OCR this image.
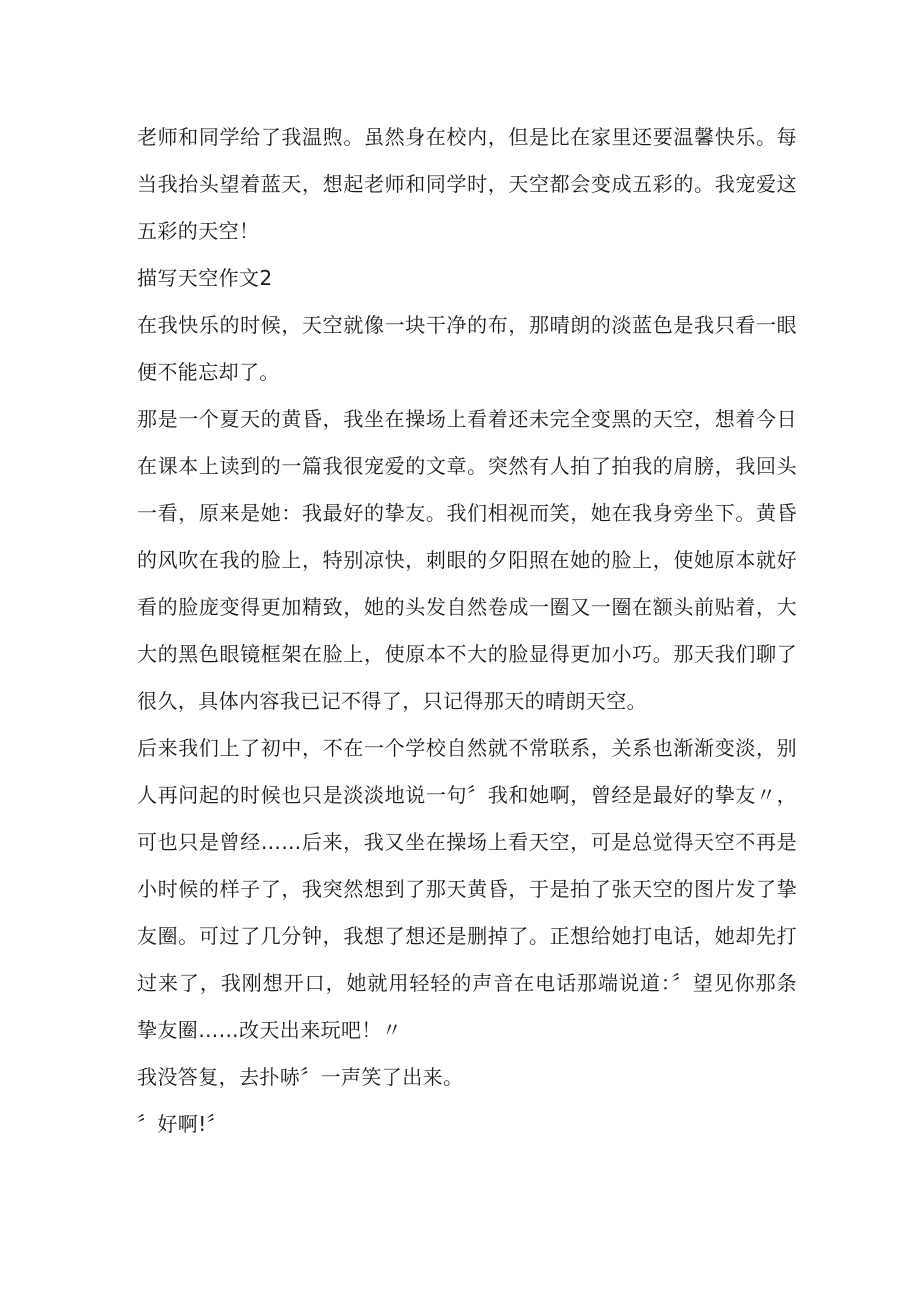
老师和同学给了我温煦。虽然身在校内，但是比在家里还要温馨快乐。每当我抬头望着蓝天，想起老师和同学时，天空都会变成五彩的。我宠爱这五彩的天空！

描写天空作文2

在我快乐的时候，天空就像一块干净的布，那晴朗的淡蓝色是我只看一眼便不能忘却了。

那是一个夏天的黄昏，我坐在操场上看着还未完全变黑的天空，想着今日在课本上读到的一篇我很宠爱的文章。突然有人拍了拍我的肩膀，我回头一看，原来是她：我最好的挚友。我们相视而笑，她在我身旁坐下。黄昏的风吹在我的脸上，特别凉快，刺眼的夕阳照在她的脸上，使她原本就好看的脸庞变得更加精致，她的头发自然卷成一圈又一圈在额头前贴着，大大的黑色眼镜框架在脸上，使原本不大的脸显得更加小巧。那天我们聊了很久，具体内容我已记不得了，只记得那天的晴朗天空。

后来我们上了初中，不在一个学校自然就不常联系，关系也渐渐变淡，别人再问起的时候也只是淡淡地说一句〞我和她啊，曾经是最好的挚友〃，可也只是曾经……后来，我又坐在操场上看天空，可是总觉得天空不再是小时候的样子了，我突然想到了那天黄昏，于是拍了张天空的图片发了挚友圈。可过了几分钟，我想了想还是删掉了。正想给她打电话，她却先打过来了，我刚想开口，她就用轻轻的声音在电话那端说道：〞望见你那条挚友圈……改天出来玩吧！〃

我没答复，去扑哧〞一声笑了出来。

〞好啊!〞
